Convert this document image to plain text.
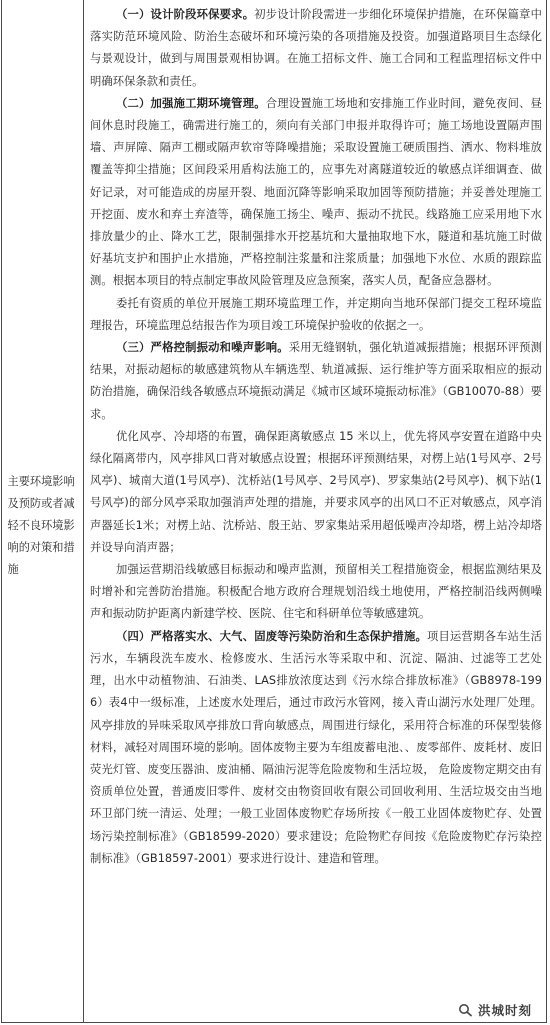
主要环境影响及预防或者减轻不良环境影响的对策和措施

（一）设计阶段环保要求。初步设计阶段需进一步细化环境保护措施，在环保篇章中落实防范环境风险、防治生态破坏和环境污染的各项措施及投资。加强道路项目生态绿化与景观设计，做到与周围景观相协调。在施工招标文件、施工合同和工程监理招标文件中明确环保条款和责任。

（二）加强施工期环境管理。合理设置施工场地和安排施工作业时间，避免夜间、昼间休息时段施工，确需进行施工的，须向有关部门申报并取得许可；施工场地设置隔声围墙、声屏障、隔声工棚或隔声软帘等降噪措施；采取设置施工硬质围挡、洒水、物料堆放覆盖等抑尘措施；区间段采用盾构法施工的，应事先对离隧道较近的敏感点详细调查、做好记录，对可能造成的房屋开裂、地面沉降等影响采取加固等预防措施；并妥善处理施工开挖面、废水和弃土弃渣等，确保施工扬尘、噪声、振动不扰民。线路施工应采用地下水排放量少的止、降水工艺，限制强排水开挖基坑和大量抽取地下水，隧道和基坑施工时做好基坑支护和围护止水措施，严格控制注浆量和注浆质量；加强地下水位、水质的跟踪监测。根据本项目的特点制定事故风险管理及应急预案，落实人员，配备应急器材。

委托有资质的单位开展施工期环境监理工作，并定期向当地环保部门提交工程环境监理报告，环境监理总结报告作为项目竣工环境保护验收的依据之一。

（三）严格控制振动和噪声影响。采用无缝钢轨，强化轨道减振措施；根据环评预测结果，对振动超标的敏感建筑物从车辆选型、轨道减振、运行维护等方面采取相应的振动防治措施，确保沿线各敏感点环境振动满足《城市区域环境振动标准》（GB10070-88）要求。

优化风亭、冷却塔的布置，确保距离敏感点 15 米以上，优先将风亭安置在道路中央绿化隔离带内，风亭排风口背对敏感点设置；根据环评预测结果，对楞上站(1号风亭、2号风亭)、城南大道(1号风亭)、沈桥站(1号风亭、2号风亭)、罗家集站(2号风亭)、枫下站(1号风亭)的部分风亭采取加强消声处理的措施，并要求风亭的出风口不正对敏感点，风亭消声器延长1米；对楞上站、沈桥站、殷王站、罗家集站采用超低噪声冷却塔，楞上站冷却塔并设导向消声器；

加强运营期沿线敏感目标振动和噪声监测，预留相关工程措施资金，根据监测结果及时增补和完善防治措施。积极配合地方政府合理规划沿线土地使用，严格控制沿线两侧噪声和振动防护距离内新建学校、医院、住宅和科研单位等敏感建筑。

（四）严格落实水、大气、固废等污染防治和生态保护措施。项目运营期各车站生活污水，车辆段洗车废水、检修废水、生活污水等采取中和、沉淀、隔油、过滤等工艺处理，出水中动植物油、石油类、LAS排放浓度达到《污水综合排放标准》（GB8978-1996）表4中一级标准，上述废水处理后，通过市政污水管网，接入青山湖污水处理厂处理。风亭排放的异味采取风亭排放口背向敏感点，周围进行绿化，采用符合标准的环保型装修材料，减轻对周围环境的影响。固体废物主要为车组废蓄电池、、废零部件、废耗材、废旧荧光灯管、废变压器油、废油桶、隔油污泥等危险废物和生活垃圾， 危险废物定期交由有资质单位处置，普通废旧零件、废材交由物资回收有限公司回收利用、生活垃圾交由当地环卫部门统一清运、处理；一般工业固体废物贮存场所按《一般工业固体废物贮存、处置场污染控制标准》（GB18599-2020）要求建设；危险物贮存间按《危险废物贮存污染控制标准》（GB18597-2001）要求进行设计、建造和管理。

洪城时刻
